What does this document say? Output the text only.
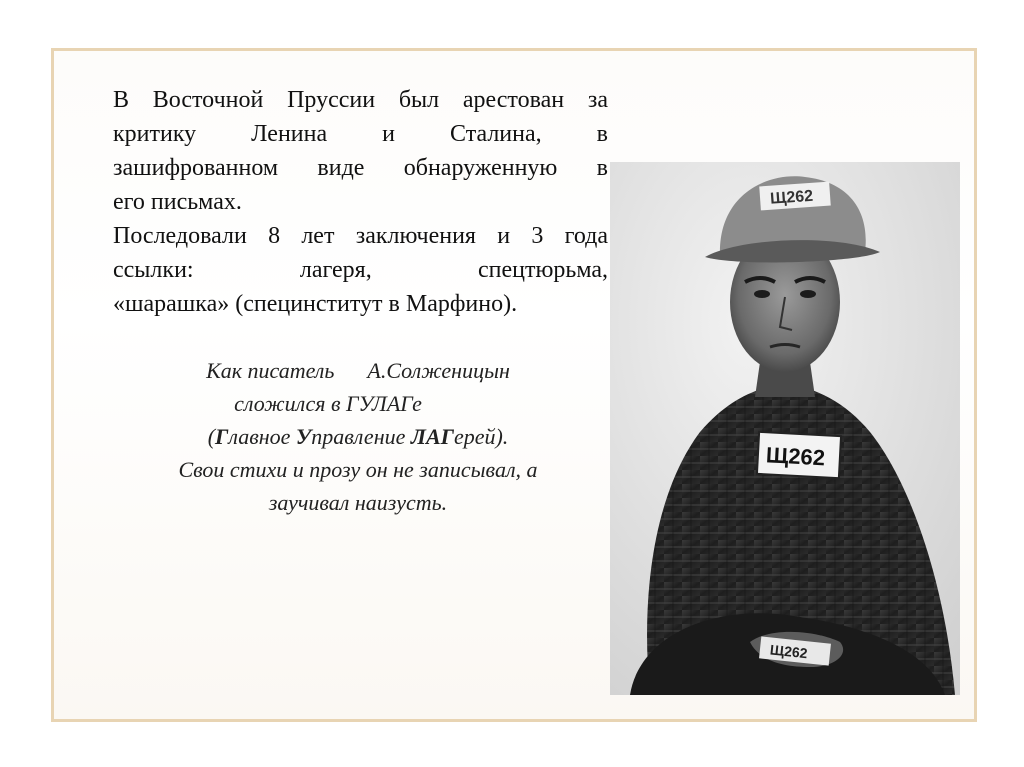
В Восточной Пруссии был арестован за
критику Ленина и Сталина, в
зашифрованном виде обнаруженную в
его письмах.
Последовали 8 лет заключения и 3 года
ссылки: лагеря, спецтюрьма,
«шарашка» (специнститут в Марфино).
Как писатель      А.Солженицын
сложился в ГУЛАГе
(Главное Управление ЛАГерей).
Свои стихи и прозу он не записывал, а
заучивал наизусть.
Щ262
Щ262
Щ262
